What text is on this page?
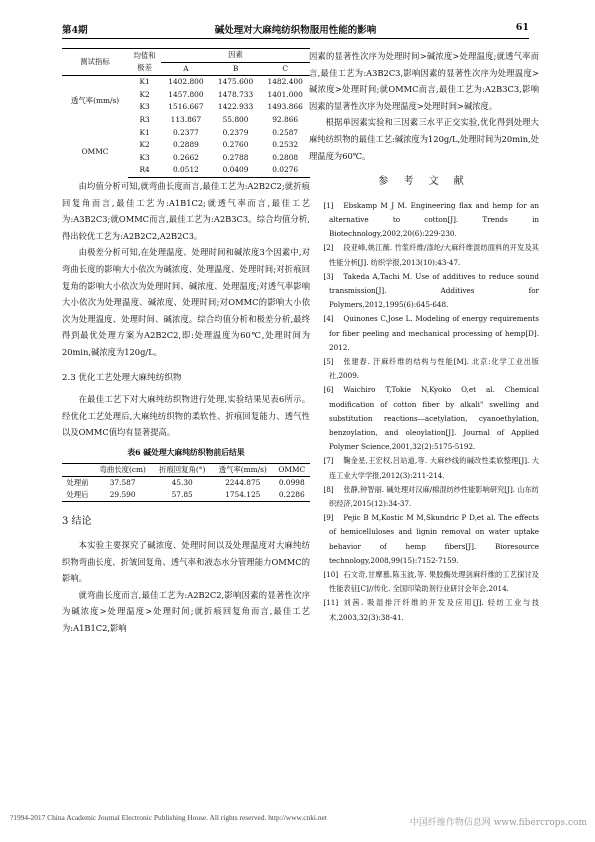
第4期	碱处理对大麻纯纺织物服用性能的影响	61
测试指标	均值和
极差	因素		
		A	B	C
透气率(mm/s)	K1	1402.800	1475.600	1482.400
	K2	1457.800	1478.733	1401.000
	K3	1516.667	1422.933	1493.866
	R3	113.867	55.800	92.866
OMMC	K1	0.2377	0.2379	0.2587
	K2	0.2889	0.2760	0.2532
	K3	0.2662	0.2788	0.2808
	R4	0.0512	0.0409	0.0276

由均值分析可知,就弯曲长度而言,最佳工艺为:A2B2C2;就折痕回复角而言,最佳工艺为:A1B1C2;就透气率而言,最佳工艺为:A3B2C3;就OMMC而言,最佳工艺为:A2B3C3。综合均值分析,得出较优工艺为:A2B2C2,A2B2C3。

由极差分析可知,在处理温度、处理时间和碱浓度3个因素中,对弯曲长度的影响大小依次为碱浓度、处理温度、处理时间;对折痕回复角的影响大小依次为处理时间、碱浓度、处理温度;对透气率影响大小依次为处理温度、碱浓度、处理时间;对OMMC的影响大小依次为处理温度、处理时间、碱浓度。综合均值分析和极差分析,最终得到最优处理方案为A2B2C2,即:处理温度为60℃,处理时间为20min,碱浓度为120g/L。

2.3 优化工艺处理大麻纯纺织物

在最佳工艺下对大麻纯纺织物进行处理,实验结果见表6所示。经优化工艺处理后,大麻纯纺织物的柔软性、折痕回复能力、透气性以及OMMC值均有显著提高。

表6 碱处理大麻纯纺织物前后结果
	弯曲长度(cm)	折痕回复角(°)	透气率(mm/s)	OMMC
处理前	37.587	45.30	2244.875	0.0998
处理后	29.590	57.85	1754.125	0.2286
3 结论

本实验主要探究了碱浓度、处理时间以及处理温度对大麻纯纺织物弯曲长度、折皱回复角、透气率和液态水分管理能力OMMC的影响。

就弯曲长度而言,最佳工艺为:A2B2C2,影响因素的显著性次序为碱浓度>处理温度>处理时间;就折痕回复角而言,最佳工艺为:A1B1C2,影响

因素的显著性次序为处理时间>碱浓度>处理温度;就透气率而言,最佳工艺为:A3B2C3,影响因素的显著性次序为处理温度>碱浓度>处理时间;就OMMC而言,最佳工艺为:A2B3C3,影响因素的显著性次序为处理温度>处理时间>碱浓度。

根据单因素实验和三因素三水平正交实验,优化得到处理大麻纯纺织物的最佳工艺:碱浓度为120g/L,处理时间为20min,处理温度为60℃。

参 考 文 献

[1] Ebskamp M J M. Engineering flax and hemp for an alternative to cotton[J]. Trends in Biotechnology,2002,20(6):229-230.

[2] 段亚峰,姚江薇. 竹浆纤维/涤纶/大麻纤维混纺面料的开发及其性能分析[J]. 纺织学报,2013(10):43-47.

[3] Takeda A,Tachi M. Use of additives to reduce sound transmission[J]. Additives for Polymers,2012,1995(6):645-648.

[4] Quinones C,Jose L. Modeling of energy requirements for fiber peeling and mechanical processing of hemp[D]. 2012.

[5] 张建春. 汗麻纤维的结构与性能[M]. 北京:化学工业出版社,2009.

[6] Waichiro T,Tokie N,Kyoko O,et al. Chemical modification of cotton fiber by alkali" swelling and substitution reactions—acetylation, cyanoethylation, benzoylation, and oleoylation[J]. Journal of Applied Polymer Science,2001,32(2):5175-5192.

[7] 鞠金星,王宏权,吕站道,等. 大麻纱线的碱改性柔软整理[J]. 大连工业大学学报,2012(3):211-214.

[8] 张静,钟智丽. 碱处理对汉麻/棉混纺纱性能影响研究[J]. 山东纺织经济,2015(12):34-37.

[9] Pejic B M,Kostic M M,Skundric P D,et al. The effects of hemicelluloses and lignin removal on water uptake behavior of hemp fibers[J]. Bioresource technology,2008,99(15):7152-7159.

[10] 石文奇,甘摩慕,陈玉波,等. 果胶酶处理剑麻纤维的工艺探讨及性能表征[C]//传化. 全国印染助剂行业研讨会年会,2014.

[11] 刘茜. 吸湿排汗纤维的开发及应用[J]. 轻纺工业与技术,2003,32(3):38-41.

?1994-2017 China Academic Journal Electronic Publishing House. All rights reserved. http://www.cnki.net
中国纤维作物信息网 www.fibercrops.com
